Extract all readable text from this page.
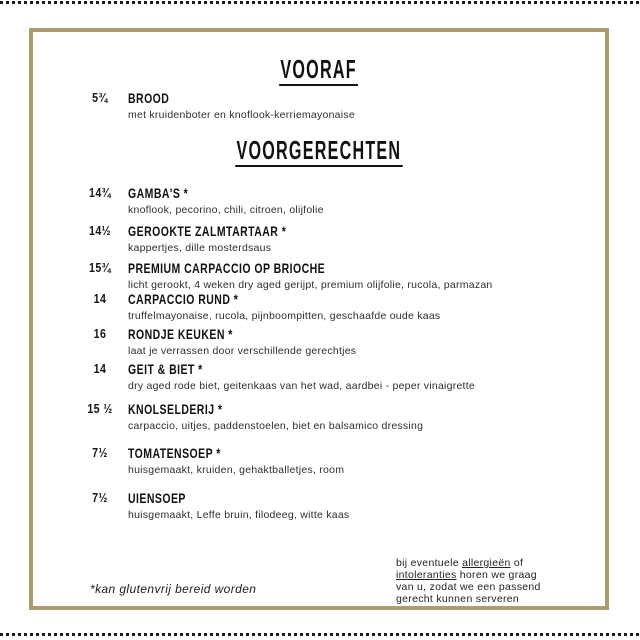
VOORAF
5¾	BROOD
met kruidenboter en knoflook-kerriemayonaise
VOORGERECHTEN
14¾	GAMBA'S *
knoflook, pecorino, chili, citroen, olijfolie
14½	GEROOKTE ZALMTARTAAR *
kappertjes, dille mosterdsaus
15¾	PREMIUM CARPACCIO OP BRIOCHE
licht gerookt, 4 weken dry aged gerijpt, premium olijfolie, rucola, parmazan
14	CARPACCIO RUND *
truffelmayonaise, rucola, pijnboompitten, geschaafde oude kaas
16	RONDJE KEUKEN *
laat je verrassen door verschillende gerechtjes
14	GEIT & BIET *
dry aged rode biet, geitenkaas van het wad, aardbei - peper vinaigrette
15 ½	KNOLSELDERIJ *
carpaccio, uitjes, paddenstoelen, biet en balsamico dressing
7½	TOMATENSOEP *
huisgemaakt, kruiden, gehaktballetjes, room
7½	UIENSOEP
huisgemaakt, Leffe bruin, filodeeg, witte kaas
*kan glutenvrij bereid worden
bij eventuele allergieën of
intoleranties horen we graag
van u, zodat we een passend
gerecht kunnen serveren
